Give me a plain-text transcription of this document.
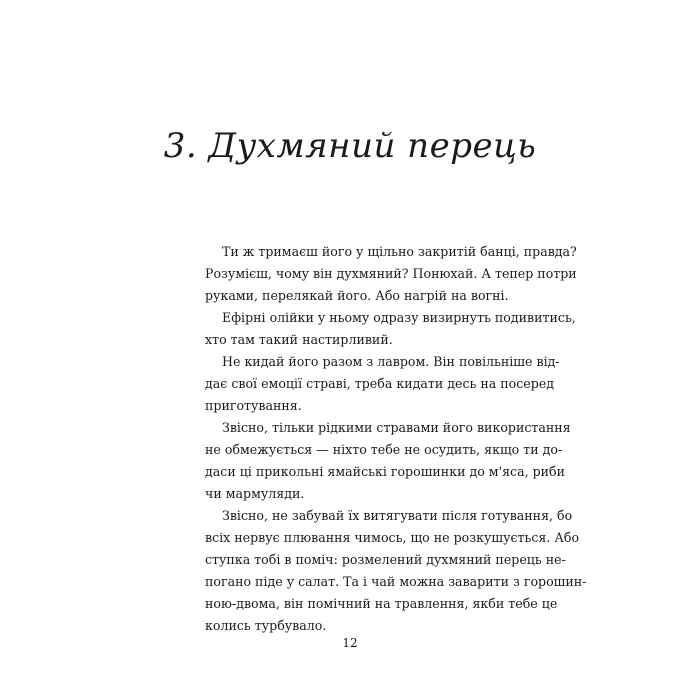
3. Духмяний перець
Ти ж тримаєш його у щільно закритій банці, правда?
Розумієш, чому він духмяний? Понюхай. А тепер потри
руками, перелякай його. Або нагрій на вогні.
Ефірні олійки у ньому одразу визирнуть подивитись,
хто там такий настирливий.
Не кидай його разом з лавром. Він повільніше від-
дає свої емоції страві, треба кидати десь на посеред
приготування.
Звісно, тільки рідкими стравами його використання
не обмежується — ніхто тебе не осудить, якщо ти до-
даси ці прикольні ямайські горошинки до м'яса, риби
чи мармуляди.
Звісно, не забувай їх витягувати після готування, бо
всіх нервує плювання чимось, що не розкушується. Або
ступка тобі в поміч: розмелений духмяний перець не-
погано піде у салат. Та і чай можна заварити з горошин-
ною-двома, він помічний на травлення, якби тебе це
колись турбувало.
12
